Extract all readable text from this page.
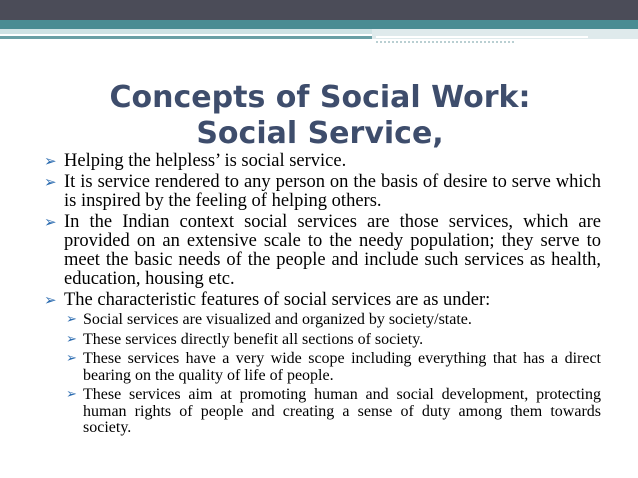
Concepts of Social Work:
Social Service,
➢ Helping the helpless’ is social service.
➢ It is service rendered to any person on the basis of desire to serve which is inspired by the feeling of helping others.
➢ In the Indian context social services are those services, which are provided on an extensive scale to the needy population; they serve to meet the basic needs of the people and include such services as health, education, housing etc.
➢ The characteristic features of social services are as under:
➢ Social services are visualized and organized by society/state.
➢ These services directly benefit all sections of society.
➢ These services have a very wide scope including everything that has a direct bearing on the quality of life of people.
➢ These services aim at promoting human and social development, protecting human rights of people and creating a sense of duty among them towards society.
